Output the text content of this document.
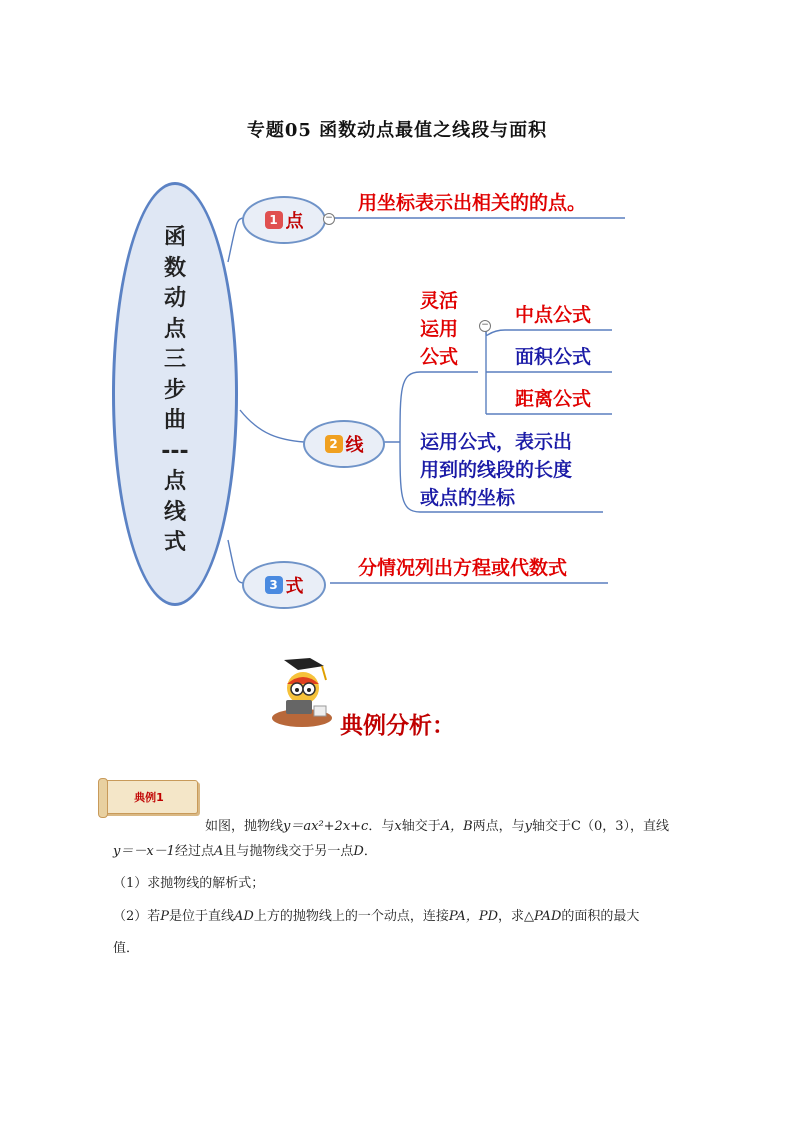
专题05 函数动点最值之线段与面积
函
数
动
点
三
步
曲
---
点
线
式
1 点 −
2 线
−
3 式
用坐标表示出相关的的点。
灵活
运用
公式
中点公式
面积公式
距离公式
运用公式，表示出
用到的线段的长度
或点的坐标
分情况列出方程或代数式
典例分析：
典例1
如图，抛物线y＝ax²+2x+c．与x轴交于A，B两点，与y轴交于C（0，3），直线
y＝－x－1经过点A且与抛物线交于另一点D．
（1）求抛物线的解析式；
（2）若P是位于直线AD上方的抛物线上的一个动点，连接PA，PD，求△PAD的面积的最大
值．
